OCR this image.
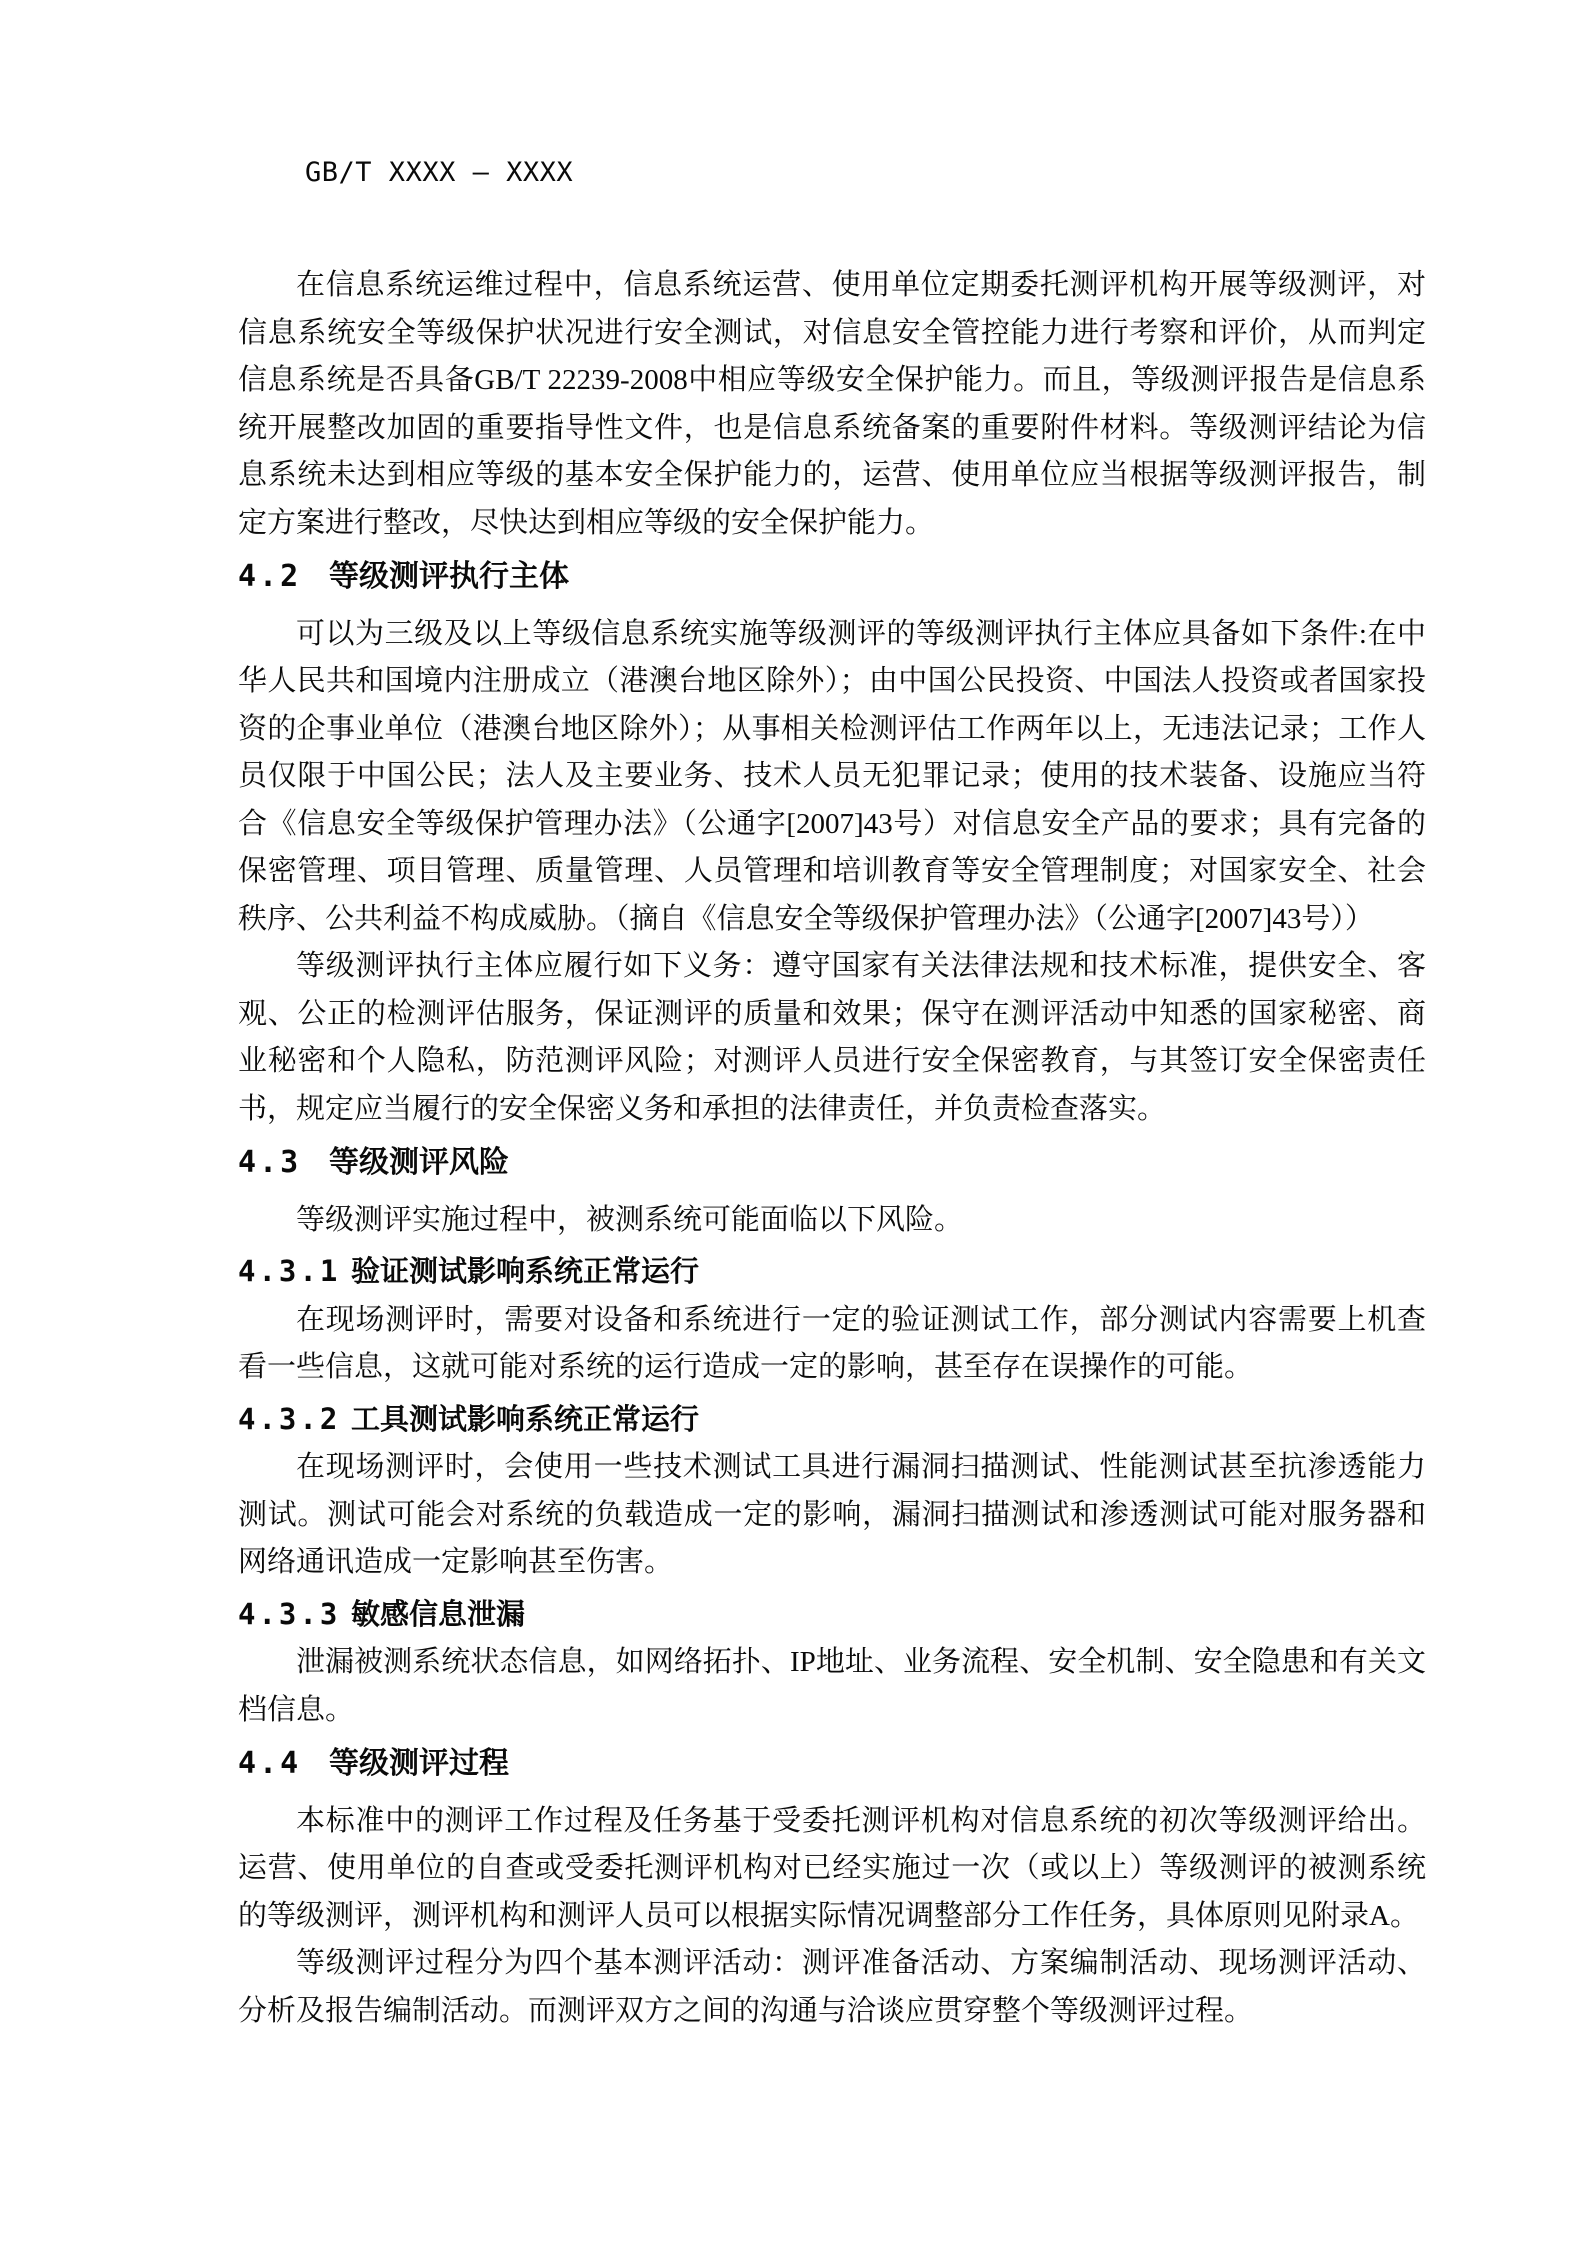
GB/T XXXX – XXXX

在信息系统运维过程中，信息系统运营、使用单位定期委托测评机构开展等级测评，对信息系统安全等级保护状况进行安全测试，对信息安全管控能力进行考察和评价，从而判定信息系统是否具备GB/T 22239-2008中相应等级安全保护能力。而且，等级测评报告是信息系统开展整改加固的重要指导性文件，也是信息系统备案的重要附件材料。等级测评结论为信息系统未达到相应等级的基本安全保护能力的，运营、使用单位应当根据等级测评报告，制定方案进行整改，尽快达到相应等级的安全保护能力。

4.2 等级测评执行主体

可以为三级及以上等级信息系统实施等级测评的等级测评执行主体应具备如下条件:在中华人民共和国境内注册成立（港澳台地区除外）；由中国公民投资、中国法人投资或者国家投资的企事业单位（港澳台地区除外）；从事相关检测评估工作两年以上，无违法记录；工作人员仅限于中国公民；法人及主要业务、技术人员无犯罪记录；使用的技术装备、设施应当符合《信息安全等级保护管理办法》（公通字[2007]43号）对信息安全产品的要求；具有完备的保密管理、项目管理、质量管理、人员管理和培训教育等安全管理制度；对国家安全、社会秩序、公共利益不构成威胁。（摘自《信息安全等级保护管理办法》（公通字[2007]43号））

等级测评执行主体应履行如下义务：遵守国家有关法律法规和技术标准，提供安全、客观、公正的检测评估服务，保证测评的质量和效果；保守在测评活动中知悉的国家秘密、商业秘密和个人隐私，防范测评风险；对测评人员进行安全保密教育，与其签订安全保密责任书，规定应当履行的安全保密义务和承担的法律责任，并负责检查落实。

4.3 等级测评风险

等级测评实施过程中，被测系统可能面临以下风险。

4.3.1 验证测试影响系统正常运行

在现场测评时，需要对设备和系统进行一定的验证测试工作，部分测试内容需要上机查看一些信息，这就可能对系统的运行造成一定的影响，甚至存在误操作的可能。

4.3.2 工具测试影响系统正常运行

在现场测评时，会使用一些技术测试工具进行漏洞扫描测试、性能测试甚至抗渗透能力测试。测试可能会对系统的负载造成一定的影响，漏洞扫描测试和渗透测试可能对服务器和网络通讯造成一定影响甚至伤害。

4.3.3 敏感信息泄漏

泄漏被测系统状态信息，如网络拓扑、IP地址、业务流程、安全机制、安全隐患和有关文档信息。

4.4 等级测评过程

本标准中的测评工作过程及任务基于受委托测评机构对信息系统的初次等级测评给出。运营、使用单位的自查或受委托测评机构对已经实施过一次（或以上）等级测评的被测系统的等级测评，测评机构和测评人员可以根据实际情况调整部分工作任务，具体原则见附录A。

等级测评过程分为四个基本测评活动：测评准备活动、方案编制活动、现场测评活动、分析及报告编制活动。而测评双方之间的沟通与洽谈应贯穿整个等级测评过程。
